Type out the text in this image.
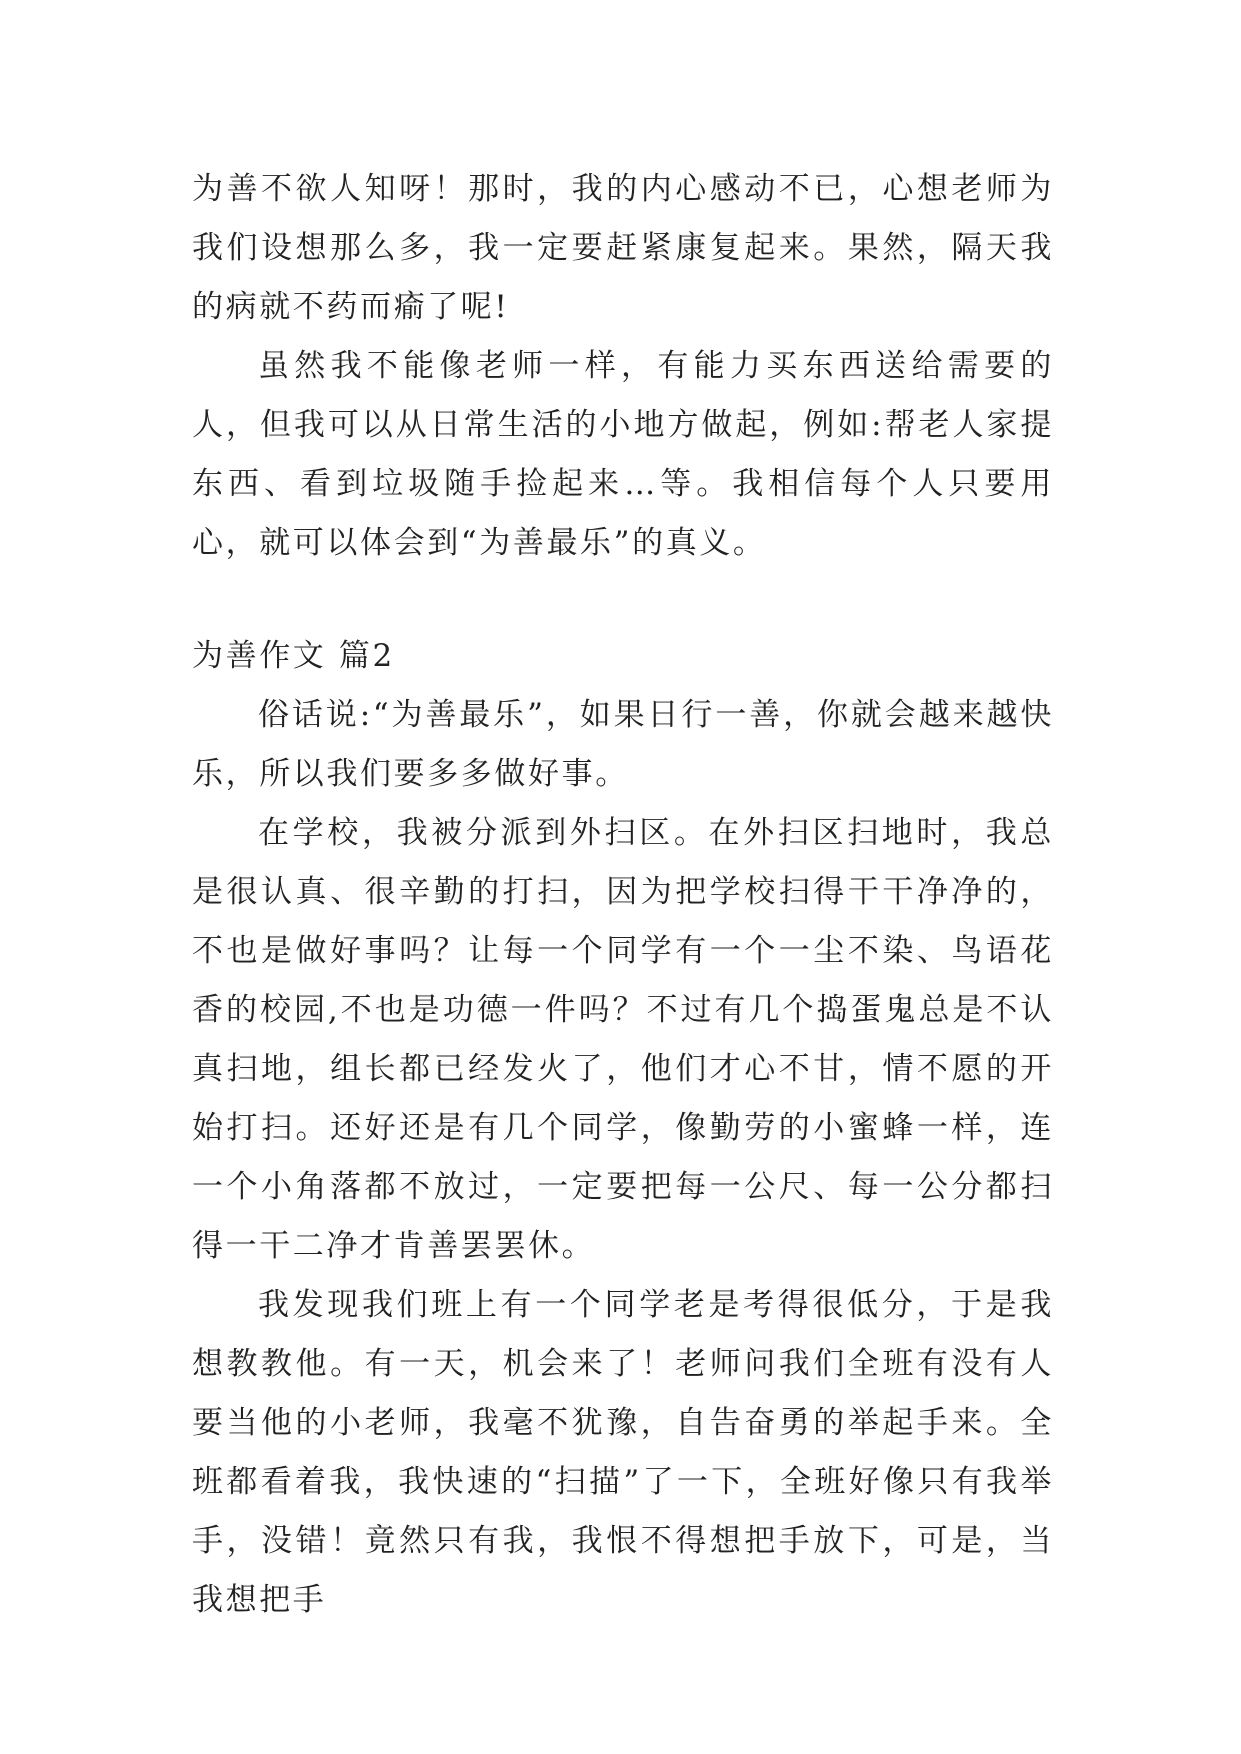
为善不欲人知呀！那时，我的内心感动不已，心想老师为我们设想那么多，我一定要赶紧康复起来。果然，隔天我的病就不药而瘉了呢!

虽然我不能像老师一样，有能力买东西送给需要的人，但我可以从日常生活的小地方做起，例如:帮老人家提东西、看到垃圾随手捡起来…等。我相信每个人只要用心，就可以体会到“为善最乐”的真义。

为善作文 篇2

俗话说:“为善最乐”，如果日行一善，你就会越来越快乐，所以我们要多多做好事。

在学校，我被分派到外扫区。在外扫区扫地时，我总是很认真、很辛勤的打扫，因为把学校扫得干干净净的，不也是做好事吗？让每一个同学有一个一尘不染、鸟语花香的校园,不也是功德一件吗？不过有几个捣蛋鬼总是不认真扫地，组长都已经发火了，他们才心不甘，情不愿的开始打扫。还好还是有几个同学，像勤劳的小蜜蜂一样，连一个小角落都不放过，一定要把每一公尺、每一公分都扫得一干二净才肯善罢罢休。

我发现我们班上有一个同学老是考得很低分，于是我想教教他。有一天，机会来了！老师问我们全班有没有人要当他的小老师，我毫不犹豫，自告奋勇的举起手来。全班都看着我，我快速的“扫描”了一下，全班好像只有我举手，没错！竟然只有我，我恨不得想把手放下，可是，当我想把手
